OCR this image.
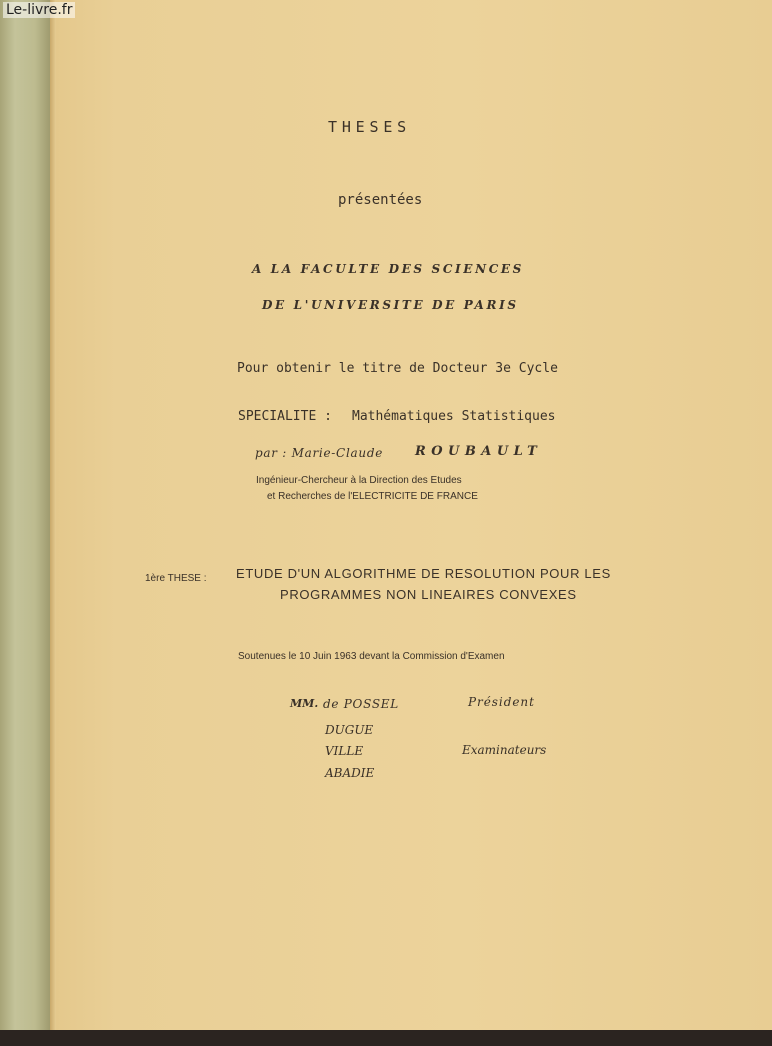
Le-livre.fr
THESES
présentées
A LA FACULTE DES SCIENCES
DE L'UNIVERSITE DE PARIS
Pour obtenir le titre de Docteur 3e Cycle
SPECIALITE : Mathématiques Statistiques
par : Marie-Claude ROUBAULT
Ingénieur-Chercheur à la Direction des Etudes
et Recherches de l'ELECTRICITE DE FRANCE
1ère THESE : ETUDE D'UN ALGORITHME DE RESOLUTION POUR LES
PROGRAMMES NON LINEAIRES CONVEXES
Soutenues le 10 Juin 1963 devant la Commission d'Examen
MM. de POSSEL	Président
DUGUE
VILLE
ABADIE
Examinateurs
